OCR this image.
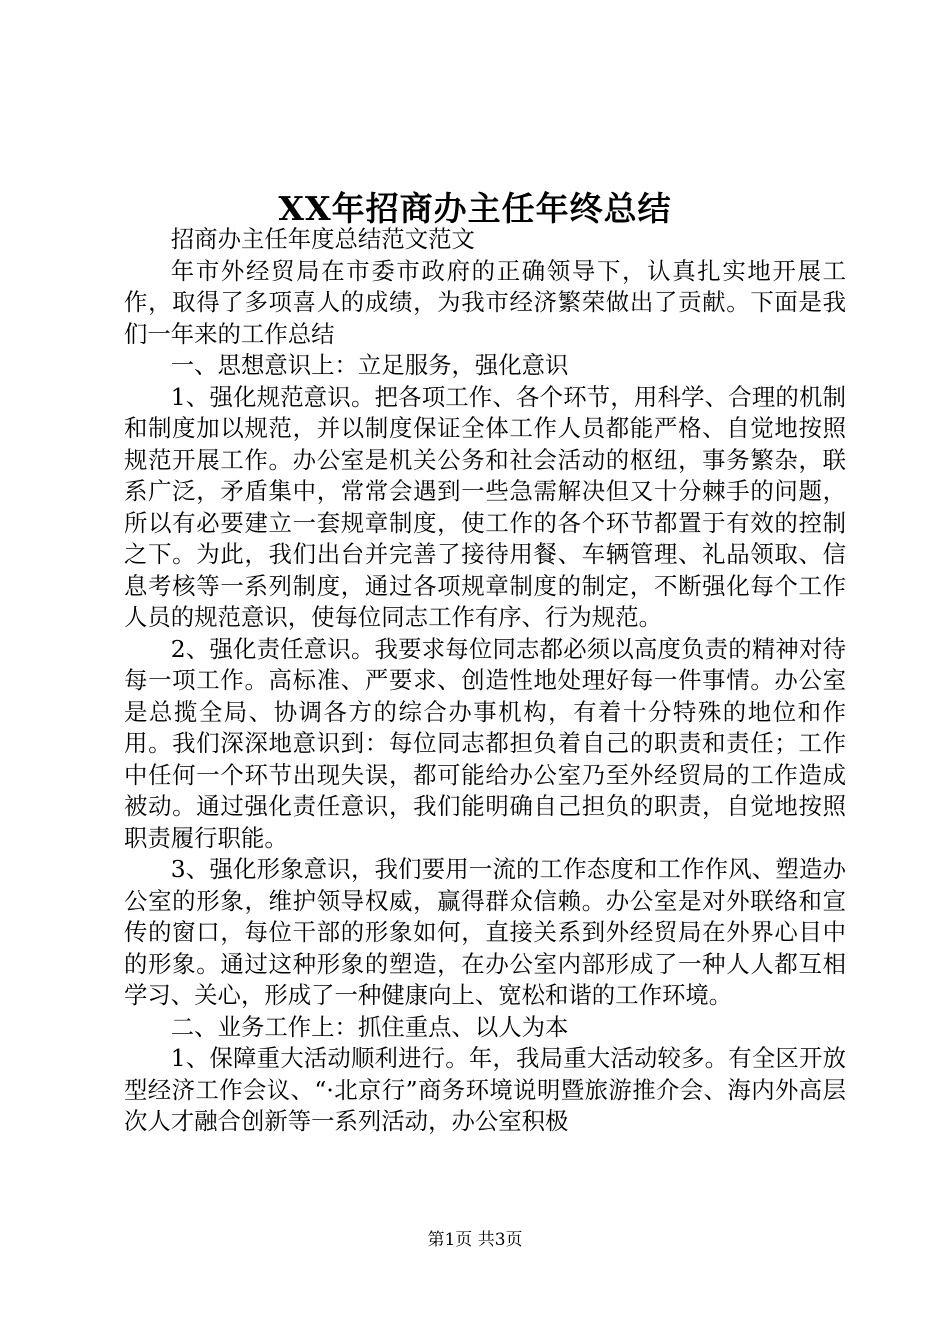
XX年招商办主任年终总结

招商办主任年度总结范文范文

年市外经贸局在市委市政府的正确领导下，认真扎实地开展工作，取得了多项喜人的成绩，为我市经济繁荣做出了贡献。下面是我们一年来的工作总结

一、思想意识上：立足服务，强化意识

1、强化规范意识。把各项工作、各个环节，用科学、合理的机制和制度加以规范，并以制度保证全体工作人员都能严格、自觉地按照规范开展工作。办公室是机关公务和社会活动的枢纽，事务繁杂，联系广泛，矛盾集中，常常会遇到一些急需解决但又十分棘手的问题，所以有必要建立一套规章制度，使工作的各个环节都置于有效的控制之下。为此，我们出台并完善了接待用餐、车辆管理、礼品领取、信息考核等一系列制度，通过各项规章制度的制定，不断强化每个工作人员的规范意识，使每位同志工作有序、行为规范。

2、强化责任意识。我要求每位同志都必须以高度负责的精神对待每一项工作。高标准、严要求、创造性地处理好每一件事情。办公室是总揽全局、协调各方的综合办事机构，有着十分特殊的地位和作用。我们深深地意识到：每位同志都担负着自己的职责和责任；工作中任何一个环节出现失误，都可能给办公室乃至外经贸局的工作造成被动。通过强化责任意识，我们能明确自己担负的职责，自觉地按照职责履行职能。

3、强化形象意识，我们要用一流的工作态度和工作作风、塑造办公室的形象，维护领导权威，赢得群众信赖。办公室是对外联络和宣传的窗口，每位干部的形象如何，直接关系到外经贸局在外界心目中的形象。通过这种形象的塑造，在办公室内部形成了一种人人都互相学习、关心，形成了一种健康向上、宽松和谐的工作环境。

二、业务工作上：抓住重点、以人为本

1、保障重大活动顺利进行。年，我局重大活动较多。有全区开放型经济工作会议、“·北京行”商务环境说明暨旅游推介会、海内外高层次人才融合创新等一系列活动，办公室积极

第1页 共3页
